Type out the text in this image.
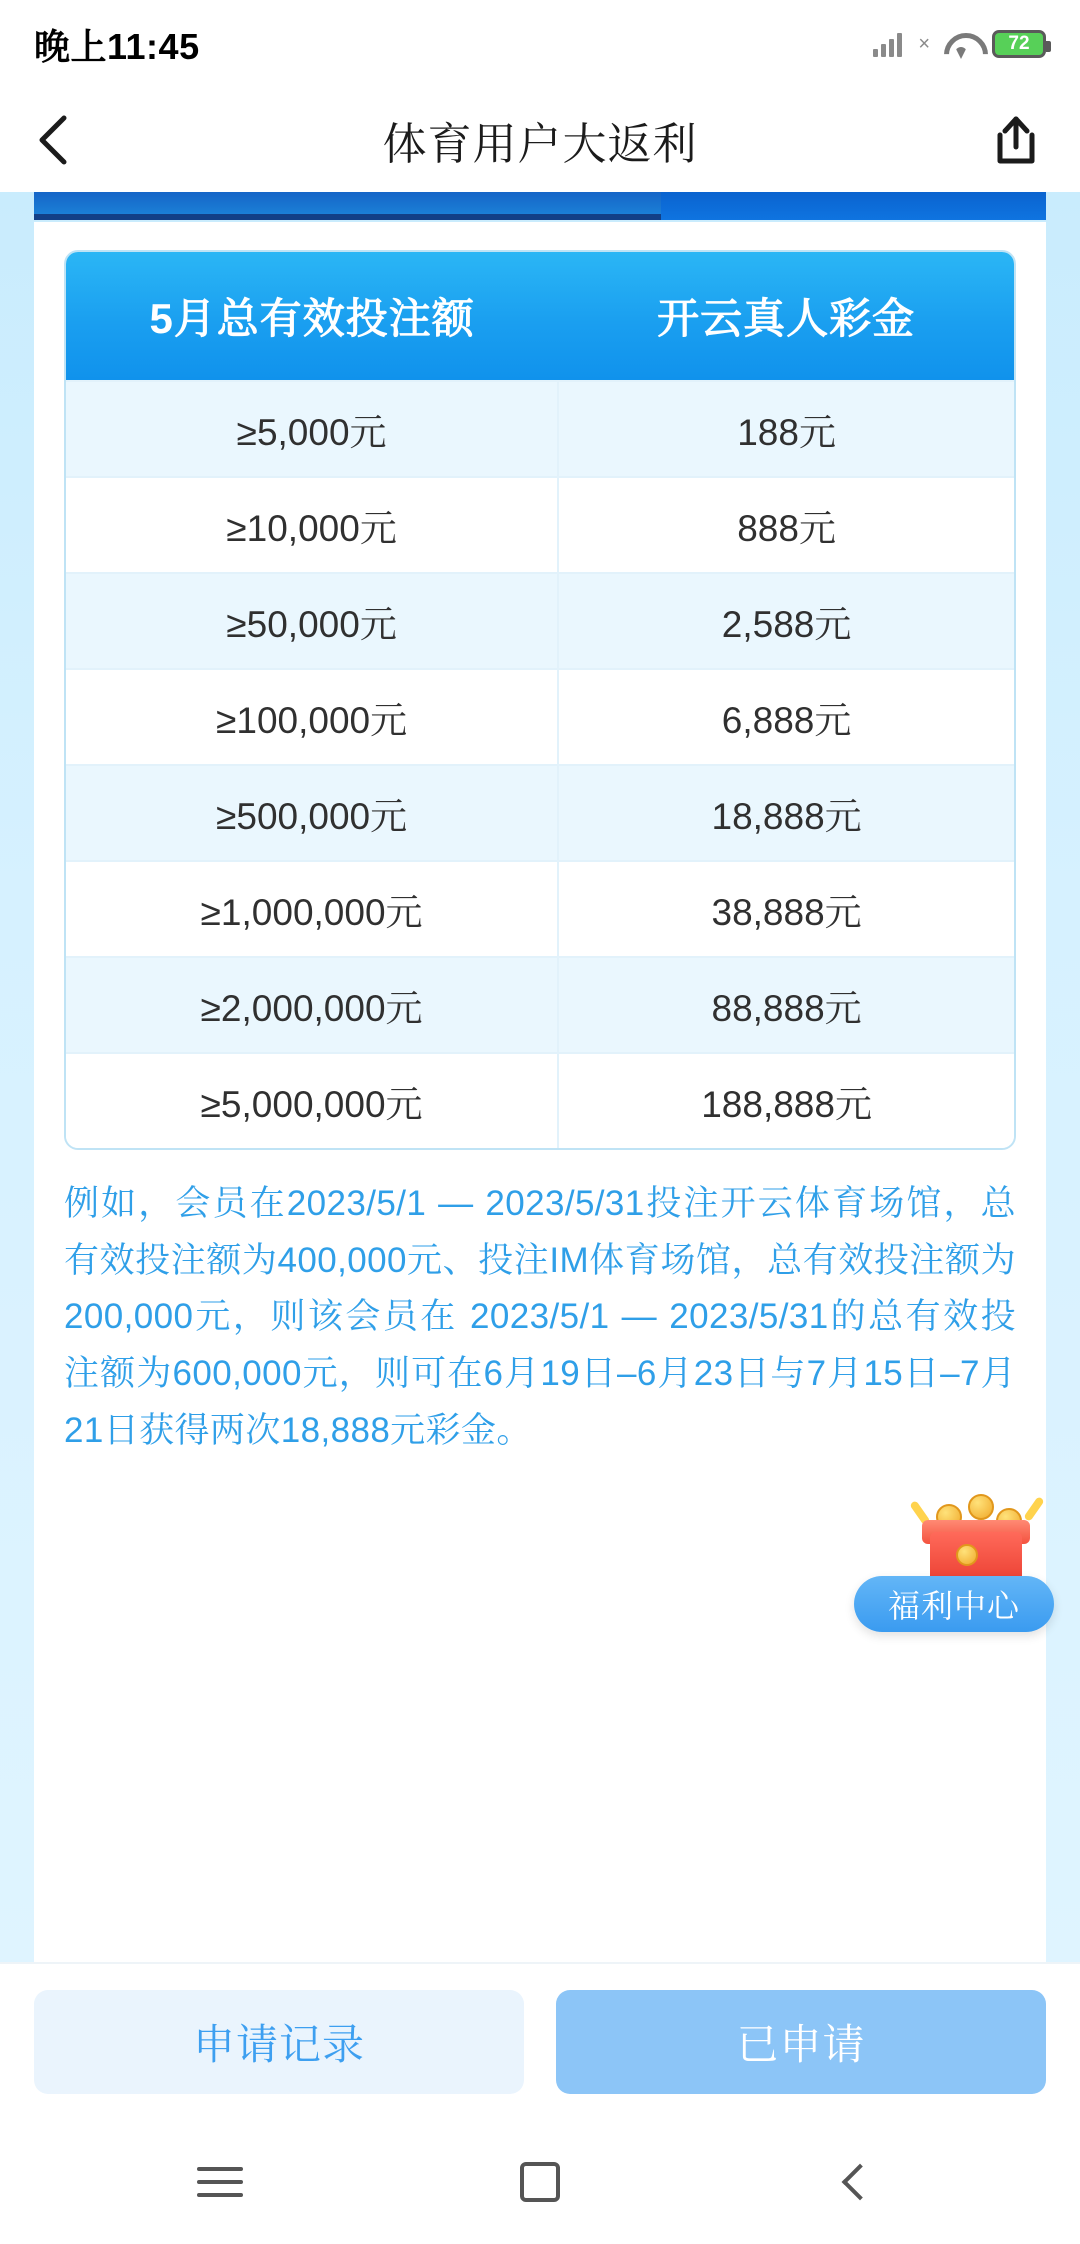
晚上11:45	×	72
体育用户大返利
5月总有效投注额	开云真人彩金
≥5,000元	188元
≥10,000元	888元
≥50,000元	2,588元
≥100,000元	6,888元
≥500,000元	18,888元
≥1,000,000元	38,888元
≥2,000,000元	88,888元
≥5,000,000元	188,888元
例如，会员在2023/5/1 — 2023/5/31投注开云体育场馆，总有效投注额为400,000元、投注IM体育场馆，总有效投注额为200,000元，则该会员在 2023/5/1 — 2023/5/31的总有效投注额为600,000元，则可在6月19日–6月23日与7月15日–7月21日获得两次18,888元彩金。
福利中心
申请记录	已申请
